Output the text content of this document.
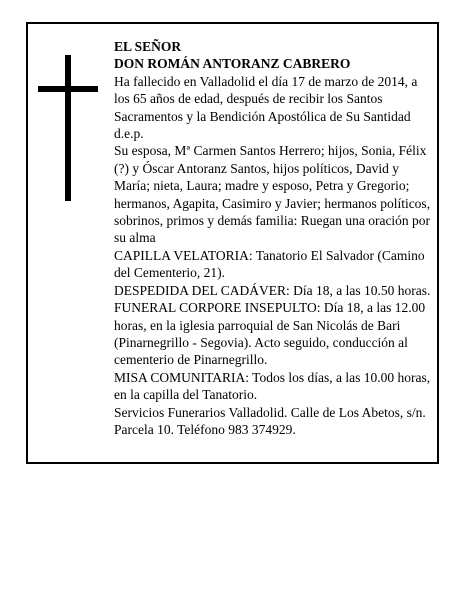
EL SEÑOR

DON ROMÁN ANTORANZ CABRERO

Ha fallecido en Valladolid el día 17 de marzo de 2014, a los 65 años de edad, después de recibir los Santos Sacramentos y la Bendición Apostólica de Su Santidad d.e.p.

Su esposa, Mª Carmen Santos Herrero; hijos, Sonia, Félix (?) y Óscar Antoranz Santos, hijos políticos, David y María; nieta, Laura; madre y esposo, Petra y Gregorio; hermanos, Agapita, Casimiro y Javier; hermanos políticos, sobrinos, primos y demás familia: Ruegan una oración por su alma

CAPILLA VELATORIA: Tanatorio El Salvador (Camino del Cementerio, 21).

DESPEDIDA DEL CADÁVER: Día 18, a las 10.50 horas.

FUNERAL CORPORE INSEPULTO: Día 18, a las 12.00 horas, en la iglesia parroquial de San Nicolás de Bari (Pinarnegrillo - Segovia). Acto seguido, conducción al cementerio de Pinarnegrillo.

MISA COMUNITARIA: Todos los días, a las 10.00 horas, en la capilla del Tanatorio.

Servicios Funerarios Valladolid. Calle de Los Abetos, s/n. Parcela 10. Teléfono 983 374929.
